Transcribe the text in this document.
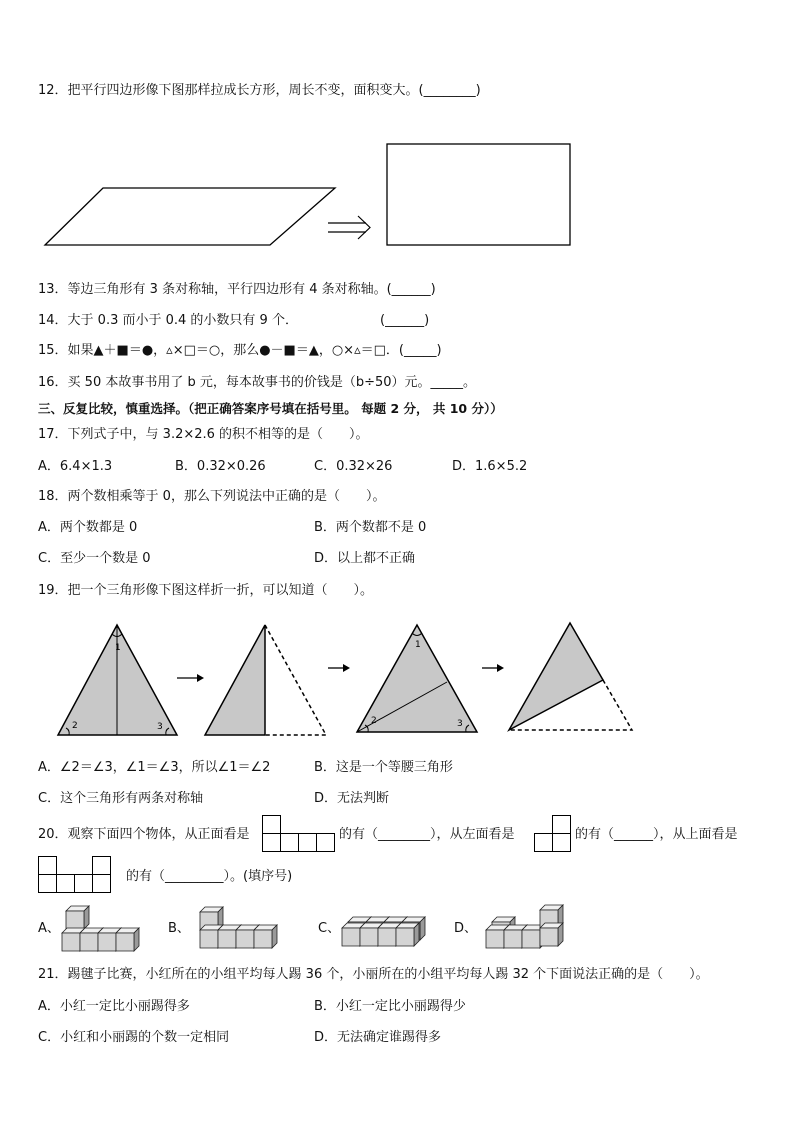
12．把平行四边形像下图那样拉成长方形，周长不变，面积变大。(________)
13．等边三角形有 3 条对称轴，平行四边形有 4 条对称轴。(______)
14．大于 0.3 而小于 0.4 的小数只有 9 个．	(______)
15．如果▲＋■＝●，▵×□＝○，那么●－■＝▲，○×▵＝□．(_____)
16．买 50 本故事书用了 b 元，每本故事书的价钱是（b÷50）元。_____。
三、反复比较，慎重选择。（把正确答案序号填在括号里。 每题 2 分， 共 10 分））
17．下列式子中，与 3.2×2.6 的积不相等的是（　　）。
A．6.4×1.3	B．0.32×0.26	C．0.32×26	D．1.6×5.2
18．两个数相乘等于 0，那么下列说法中正确的是（　　）。
A．两个数都是 0	B．两个数都不是 0
C．至少一个数是 0	D．以上都不正确
19．把一个三角形像下图这样折一折，可以知道（　　）。
1
2	3
1
2	3
A．∠2＝∠3，∠1＝∠3，所以∠1＝∠2	B．这是一个等腰三角形
C．这个三角形有两条对称轴	D．无法判断
20．观察下面四个物体，从正面看是	的有（________），从左面看是	的有（______），从上面看是
的有（_________）。(填序号)
A、	B、	C、	D、
21．踢毽子比赛，小红所在的小组平均每人踢 36 个，小丽所在的小组平均每人踢 32 个下面说法正确的是（　　）。
A．小红一定比小丽踢得多	B．小红一定比小丽踢得少
C．小红和小丽踢的个数一定相同	D．无法确定谁踢得多
